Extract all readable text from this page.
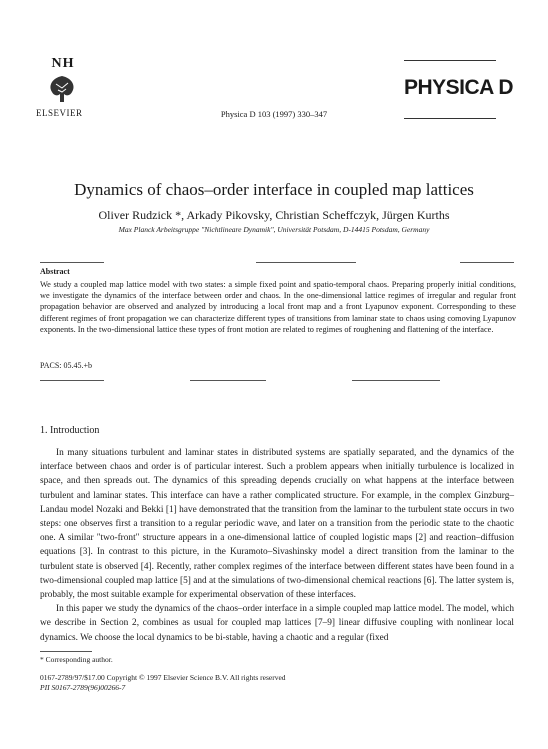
NH
ELSEVIER	Physica D 103 (1997) 330–347
PHYSICA D
Dynamics of chaos–order interface in coupled map lattices
Oliver Rudzick *, Arkady Pikovsky, Christian Scheffczyk, Jürgen Kurths
Max Planck Arbeitsgruppe "Nichtlineare Dynamik", Universität Potsdam, D-14415 Potsdam, Germany
Abstract
We study a coupled map lattice model with two states: a simple fixed point and spatio-temporal chaos. Preparing properly initial conditions, we investigate the dynamics of the interface between order and chaos. In the one-dimensional lattice regimes of irregular and regular front propagation behavior are observed and analyzed by introducing a local front map and a front Lyapunov exponent. Corresponding to these different regimes of front propagation we can characterize different types of transitions from laminar state to chaos using comoving Lyapunov exponents. In the two-dimensional lattice these types of front motion are related to regimes of roughening and flattening of the interface.
PACS: 05.45.+b
1. Introduction

In many situations turbulent and laminar states in distributed systems are spatially separated, and the dynamics of the interface between chaos and order is of particular interest. Such a problem appears when initially turbulence is localized in space, and then spreads out. The dynamics of this spreading depends crucially on what happens at the interface between turbulent and laminar states. This interface can have a rather complicated structure. For example, in the complex Ginzburg–Landau model Nozaki and Bekki [1] have demonstrated that the transition from the laminar to the turbulent state occurs in two steps: one observes first a transition to a regular periodic wave, and later on a transition from the periodic state to the chaotic one. A similar "two-front" structure appears in a one-dimensional lattice of coupled logistic maps [2] and reaction–diffusion equations [3]. In contrast to this picture, in the Kuramoto–Sivashinsky model a direct transition from the laminar to the turbulent state is observed [4]. Recently, rather complex regimes of the interface between different states have been found in a two-dimensional coupled map lattice [5] and at the simulations of two-dimensional chemical reactions [6]. The latter system is, probably, the most suitable example for experimental observation of these interfaces.

In this paper we study the dynamics of the chaos–order interface in a simple coupled map lattice model. The model, which we describe in Section 2, combines as usual for coupled map lattices [7–9] linear diffusive coupling with nonlinear local dynamics. We choose the local dynamics to be bi-stable, having a chaotic and a regular (fixed

* Corresponding author.
0167-2789/97/$17.00 Copyright © 1997 Elsevier Science B.V. All rights reserved
PII S0167-2789(96)00266-7
